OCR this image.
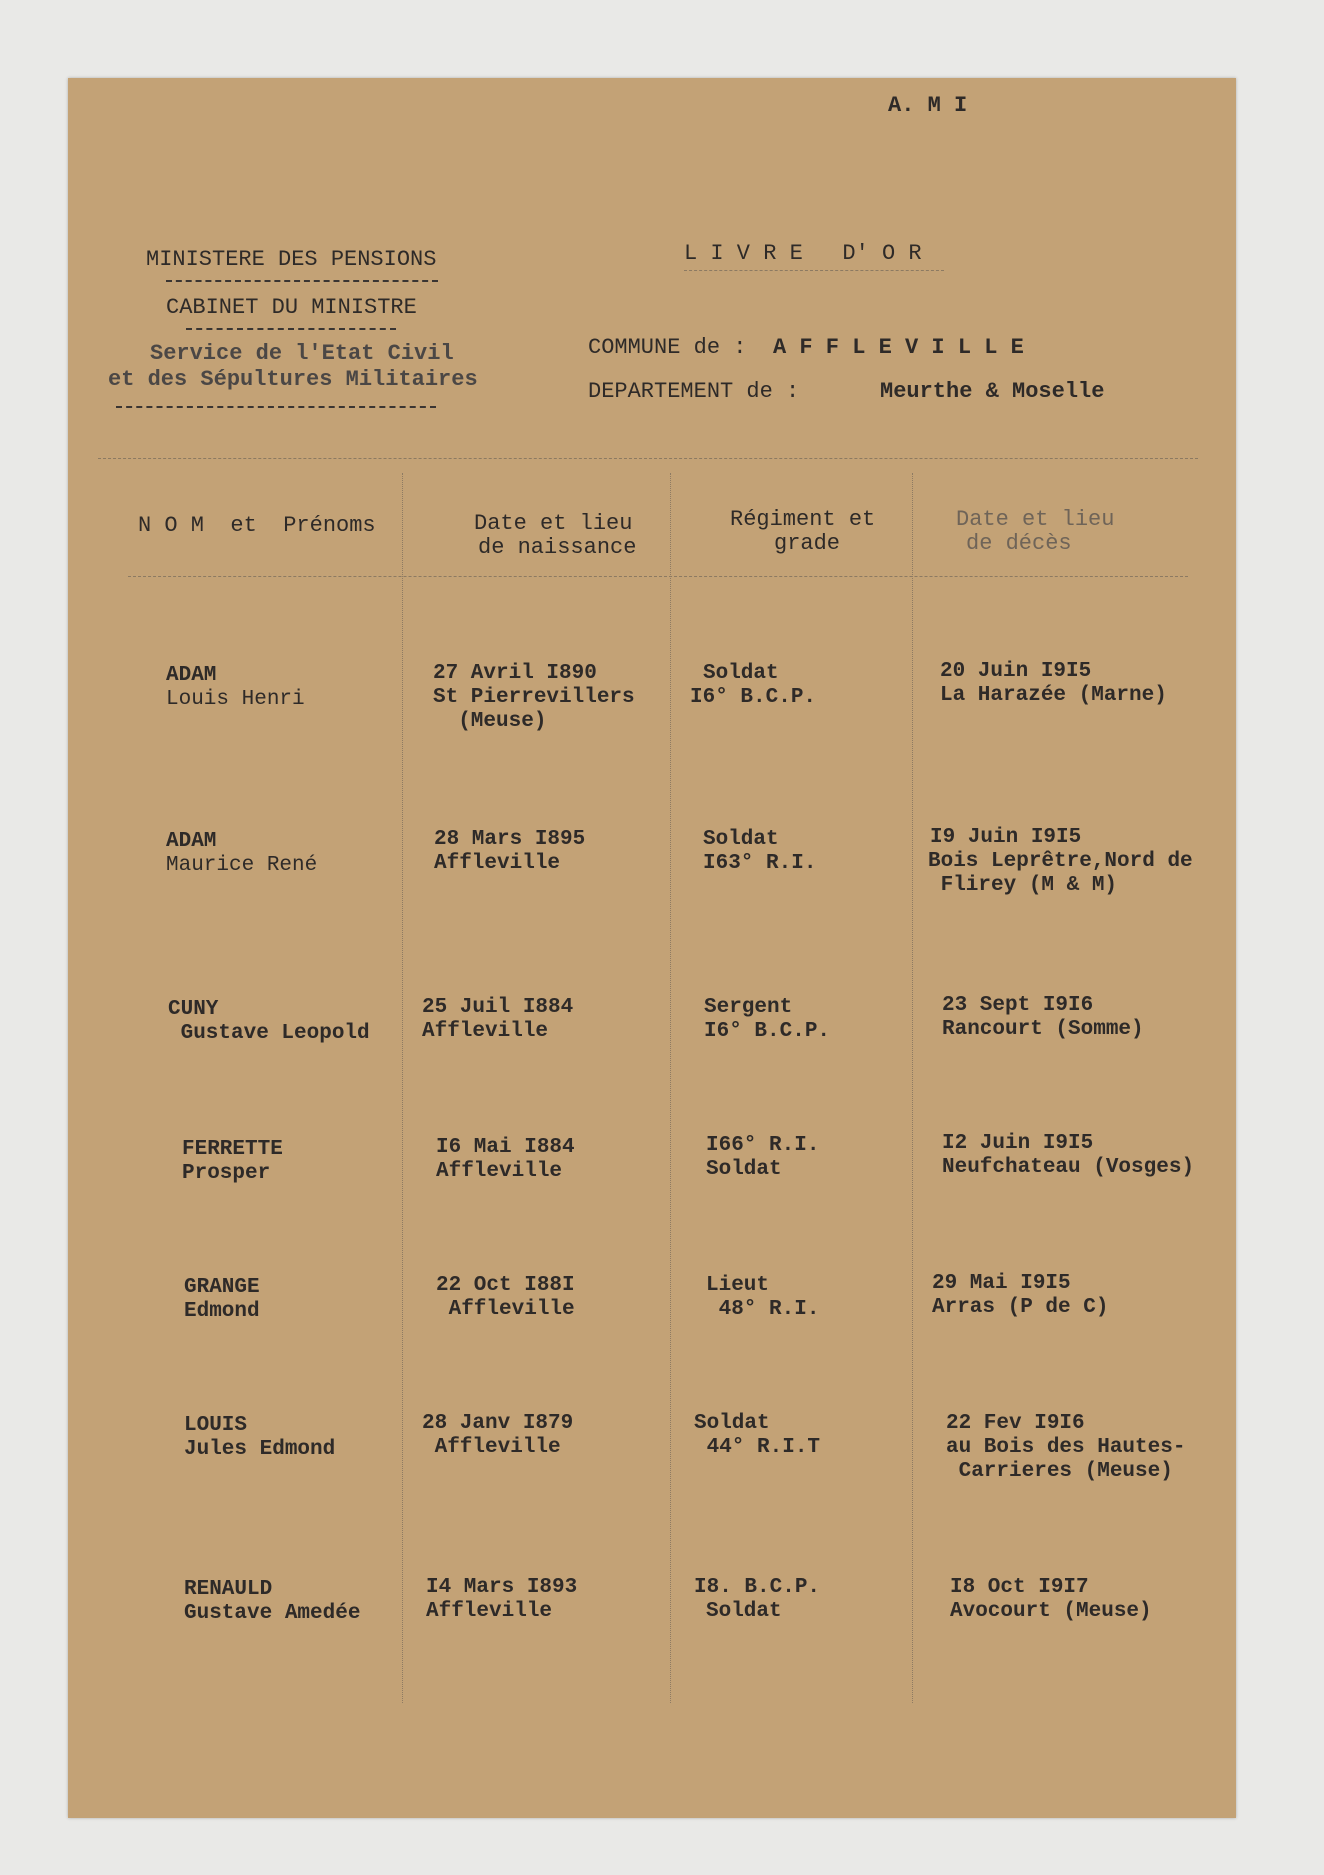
A. M I
MINISTERE DES PENSIONS
CABINET DU MINISTRE
Service de l'Etat Civil
et des Sépultures Militaires
L I V R E   D' O R
COMMUNE de : A F F L E V I L L E
DEPARTEMENT de :	Meurthe & Moselle
N O M  et  Prénoms	Date et lieu
de naissance
Régiment et
grade
Date et lieu
de décès
ADAM
Louis Henri
27 Avril I890
St Pierrevillers
(Meuse)
Soldat
I6° B.C.P.
20 Juin I9I5
La Harazée (Marne)
ADAM
Maurice René
28 Mars I895
Affleville
Soldat
I63° R.I.
I9 Juin I9I5
Bois Leprêtre,Nord de
Flirey (M & M)
CUNY
Gustave Leopold
25 Juil I884
Affleville
Sergent
I6° B.C.P.
23 Sept I9I6
Rancourt (Somme)
FERRETTE
Prosper
I6 Mai I884
Affleville
I66° R.I.
Soldat
I2 Juin I9I5
Neufchateau (Vosges)
GRANGE
Edmond
22 Oct I88I
Affleville
Lieut
48° R.I.
29 Mai I9I5
Arras (P de C)
LOUIS
Jules Edmond
28 Janv I879
Affleville
Soldat
44° R.I.T
22 Fev I9I6
au Bois des Hautes-
Carrieres (Meuse)
RENAULD
Gustave Amedée
I4 Mars I893
Affleville
I8. B.C.P.
Soldat
I8 Oct I9I7
Avocourt (Meuse)
